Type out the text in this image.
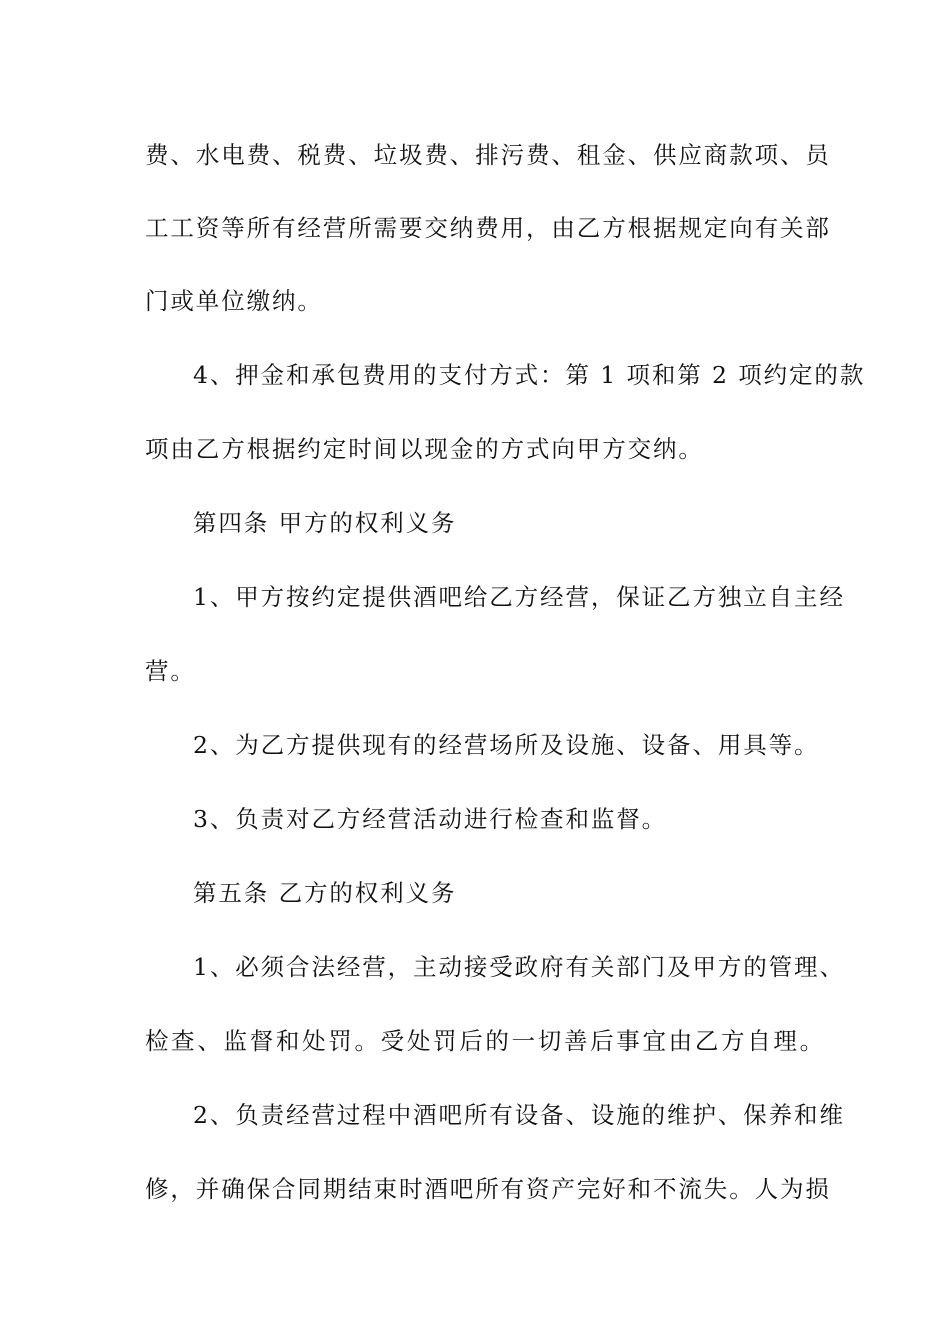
费、水电费、税费、垃圾费、排污费、租金、供应商款项、员

工工资等所有经营所需要交纳费用，由乙方根据规定向有关部

门或单位缴纳。

4、押金和承包费用的支付方式：第 1 项和第 2 项约定的款

项由乙方根据约定时间以现金的方式向甲方交纳。

第四条 甲方的权利义务

1、甲方按约定提供酒吧给乙方经营，保证乙方独立自主经

营。

2、为乙方提供现有的经营场所及设施、设备、用具等。

3、负责对乙方经营活动进行检查和监督。

第五条 乙方的权利义务

1、必须合法经营，主动接受政府有关部门及甲方的管理、

检查、监督和处罚。受处罚后的一切善后事宜由乙方自理。

2、负责经营过程中酒吧所有设备、设施的维护、保养和维

修，并确保合同期结束时酒吧所有资产完好和不流失。人为损
